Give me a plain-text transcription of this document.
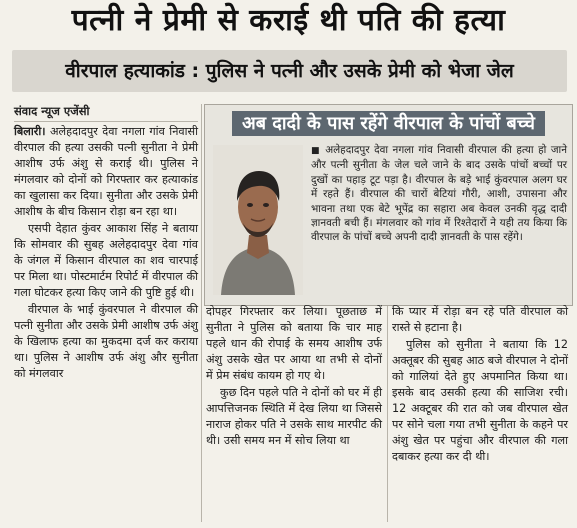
पत्नी ने प्रेमी से कराई थी पति की हत्या
वीरपाल हत्याकांड : पुलिस ने पत्नी और उसके प्रेमी को भेजा जेल
संवाद न्यूज एजेंसी

बिलारी। अलेहदादपुर देवा नगला गांव निवासी वीरपाल की हत्या उसकी पत्नी सुनीता ने प्रेमी आशीष उर्फ अंशु से कराई थी। पुलिस ने मंगलवार को दोनों को गिरफ्तार कर हत्याकांड का खुलासा कर दिया। सुनीता और उसके प्रेमी आशीष के बीच किसान रोड़ा बन रहा था।

एसपी देहात कुंवर आकाश सिंह ने बताया कि सोमवार की सुबह अलेहदादपुर देवा गांव के जंगल में किसान वीरपाल का शव चारपाई पर मिला था। पोस्टमार्टम रिपोर्ट में वीरपाल की गला घोटकर हत्या किए जाने की पुष्टि हुई थी।

वीरपाल के भाई कुंवरपाल ने वीरपाल की पत्नी सुनीता और उसके प्रेमी आशीष उर्फ अंशु के खिलाफ हत्या का मुकदमा दर्ज कर कराया था। पुलिस ने आशीष उर्फ अंशु और सुनीता को मंगलवार

अब दादी के पास रहेंगे वीरपाल के पांचों बच्चे
■ अलेहदादपुर देवा नगला गांव निवासी वीरपाल की हत्या हो जाने और पत्नी सुनीता के जेल चले जाने के बाद उसके पांचों बच्चों पर दुखों का पहाड़ टूट पड़ा है। वीरपाल के बड़े भाई कुंवरपाल अलग घर में रहते हैं। वीरपाल की चारों बेटियां गौरी, आशी, उपासना और भावना तथा एक बेटे भूपेंद्र का सहारा अब केवल उनकी वृद्ध दादी ज्ञानवती बची हैं। मंगलवार को गांव में रिश्तेदारों ने यही तय किया कि वीरपाल के पांचों बच्चे अपनी दादी ज्ञानवती के पास रहेंगे।

दोपहर गिरफ्तार कर लिया। पूछताछ में सुनीता ने पुलिस को बताया कि चार माह पहले धान की रोपाई के समय आशीष उर्फ अंशु उसके खेत पर आया था तभी से दोनों में प्रेम संबंध कायम हो गए थे।

कुछ दिन पहले पति ने दोनों को घर में ही आपत्तिजनक स्थिति में देख लिया था जिससे नाराज होकर पति ने उसके साथ मारपीट की थी। उसी समय मन में सोच लिया था

कि प्यार में रोड़ा बन रहे पति वीरपाल को रास्ते से हटाना है।

पुलिस को सुनीता ने बताया कि 12 अक्तूबर की सुबह आठ बजे वीरपाल ने दोनों को गालियां देते हुए अपमानित किया था। इसके बाद उसकी हत्या की साजिश रची। 12 अक्टूबर की रात को जब वीरपाल खेत पर सोने चला गया तभी सुनीता के कहने पर अंशु खेत पर पहुंचा और वीरपाल की गला दबाकर हत्या कर दी थी।
